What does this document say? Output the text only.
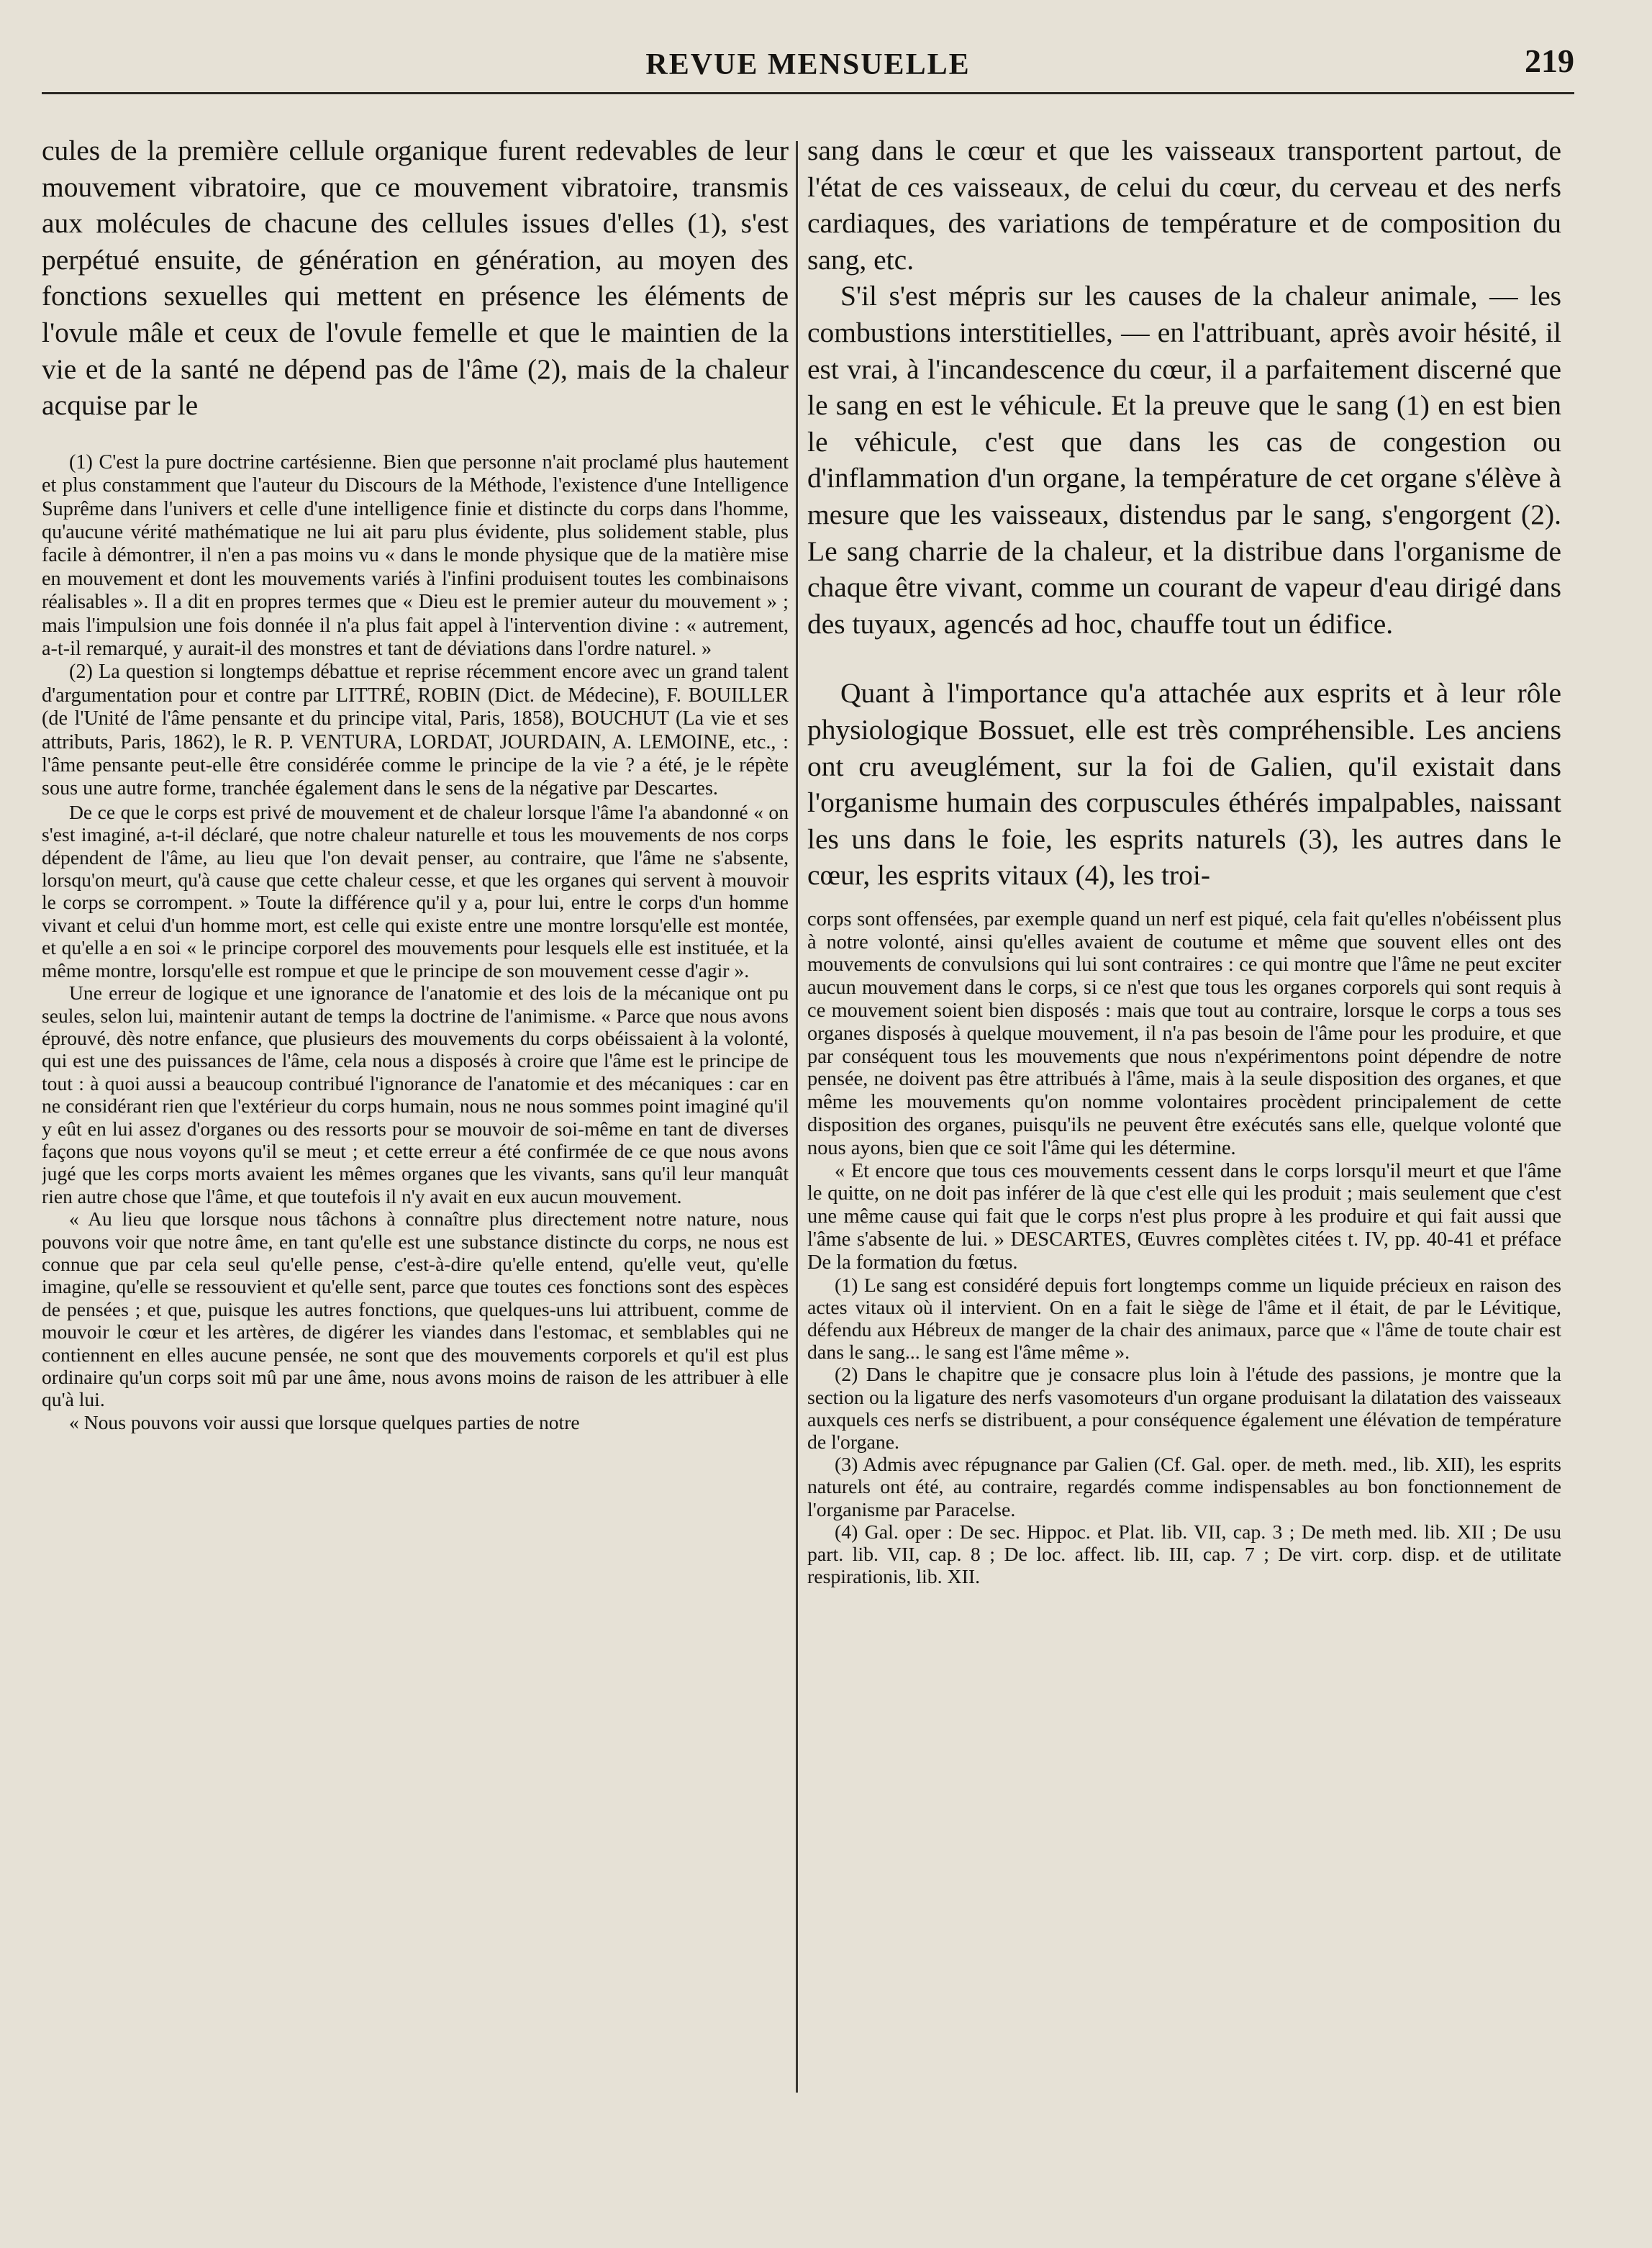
REVUE MENSUELLE	219

cules de la première cellule organique furent redevables de leur mouvement vibratoire, que ce mouvement vibratoire, transmis aux molécules de chacune des cellules issues d'elles (1), s'est perpétué ensuite, de génération en génération, au moyen des fonctions sexuelles qui mettent en présence les éléments de l'ovule mâle et ceux de l'ovule femelle et que le maintien de la vie et de la santé ne dépend pas de l'âme (2), mais de la chaleur acquise par le

(1) C'est la pure doctrine cartésienne. Bien que personne n'ait proclamé plus hautement et plus constamment que l'auteur du Discours de la Méthode, l'existence d'une Intelligence Suprême dans l'univers et celle d'une intelligence finie et distincte du corps dans l'homme, qu'aucune vérité mathématique ne lui ait paru plus évidente, plus solidement stable, plus facile à démontrer, il n'en a pas moins vu « dans le monde physique que de la matière mise en mouvement et dont les mouvements variés à l'infini produisent toutes les combinaisons réalisables ». Il a dit en propres termes que « Dieu est le premier auteur du mouvement » ; mais l'impulsion une fois donnée il n'a plus fait appel à l'intervention divine : « autrement, a-t-il remarqué, y aurait-il des monstres et tant de déviations dans l'ordre naturel. »

(2) La question si longtemps débattue et reprise récemment encore avec un grand talent d'argumentation pour et contre par LITTRÉ, ROBIN (Dict. de Médecine), F. BOUILLER (de l'Unité de l'âme pensante et du principe vital, Paris, 1858), BOUCHUT (La vie et ses attributs, Paris, 1862), le R. P. VENTURA, LORDAT, JOURDAIN, A. LEMOINE, etc., : l'âme pensante peut-elle être considérée comme le principe de la vie ? a été, je le répète sous une autre forme, tranchée également dans le sens de la négative par Descartes.

De ce que le corps est privé de mouvement et de chaleur lorsque l'âme l'a abandonné « on s'est imaginé, a-t-il déclaré, que notre chaleur naturelle et tous les mouvements de nos corps dépendent de l'âme, au lieu que l'on devait penser, au contraire, que l'âme ne s'absente, lorsqu'on meurt, qu'à cause que cette chaleur cesse, et que les organes qui servent à mouvoir le corps se corrompent. » Toute la différence qu'il y a, pour lui, entre le corps d'un homme vivant et celui d'un homme mort, est celle qui existe entre une montre lorsqu'elle est montée, et qu'elle a en soi « le principe corporel des mouvements pour lesquels elle est instituée, et la même montre, lorsqu'elle est rompue et que le principe de son mouvement cesse d'agir ».

Une erreur de logique et une ignorance de l'anatomie et des lois de la mécanique ont pu seules, selon lui, maintenir autant de temps la doctrine de l'animisme. « Parce que nous avons éprouvé, dès notre enfance, que plusieurs des mouvements du corps obéissaient à la volonté, qui est une des puissances de l'âme, cela nous a disposés à croire que l'âme est le principe de tout : à quoi aussi a beaucoup contribué l'ignorance de l'anatomie et des mécaniques : car en ne considérant rien que l'extérieur du corps humain, nous ne nous sommes point imaginé qu'il y eût en lui assez d'organes ou des ressorts pour se mouvoir de soi-même en tant de diverses façons que nous voyons qu'il se meut ; et cette erreur a été confirmée de ce que nous avons jugé que les corps morts avaient les mêmes organes que les vivants, sans qu'il leur manquât rien autre chose que l'âme, et que toutefois il n'y avait en eux aucun mouvement.

« Au lieu que lorsque nous tâchons à connaître plus directement notre nature, nous pouvons voir que notre âme, en tant qu'elle est une substance distincte du corps, ne nous est connue que par cela seul qu'elle pense, c'est-à-dire qu'elle entend, qu'elle veut, qu'elle imagine, qu'elle se ressouvient et qu'elle sent, parce que toutes ces fonctions sont des espèces de pensées ; et que, puisque les autres fonctions, que quelques-uns lui attribuent, comme de mouvoir le cœur et les artères, de digérer les viandes dans l'estomac, et semblables qui ne contiennent en elles aucune pensée, ne sont que des mouvements corporels et qu'il est plus ordinaire qu'un corps soit mû par une âme, nous avons moins de raison de les attribuer à elle qu'à lui.

« Nous pouvons voir aussi que lorsque quelques parties de notre

sang dans le cœur et que les vaisseaux transportent partout, de l'état de ces vaisseaux, de celui du cœur, du cerveau et des nerfs cardiaques, des variations de température et de composition du sang, etc.

S'il s'est mépris sur les causes de la chaleur animale, — les combustions interstitielles, — en l'attribuant, après avoir hésité, il est vrai, à l'incandescence du cœur, il a parfaitement discerné que le sang en est le véhicule. Et la preuve que le sang (1) en est bien le véhicule, c'est que dans les cas de congestion ou d'inflammation d'un organe, la température de cet organe s'élève à mesure que les vaisseaux, distendus par le sang, s'engorgent (2). Le sang charrie de la chaleur, et la distribue dans l'organisme de chaque être vivant, comme un courant de vapeur d'eau dirigé dans des tuyaux, agencés ad hoc, chauffe tout un édifice.

Quant à l'importance qu'a attachée aux esprits et à leur rôle physiologique Bossuet, elle est très compréhensible. Les anciens ont cru aveuglément, sur la foi de Galien, qu'il existait dans l'organisme humain des corpuscules éthérés impalpables, naissant les uns dans le foie, les esprits naturels (3), les autres dans le cœur, les esprits vitaux (4), les troi-

corps sont offensées, par exemple quand un nerf est piqué, cela fait qu'elles n'obéissent plus à notre volonté, ainsi qu'elles avaient de coutume et même que souvent elles ont des mouvements de convulsions qui lui sont contraires : ce qui montre que l'âme ne peut exciter aucun mouvement dans le corps, si ce n'est que tous les organes corporels qui sont requis à ce mouvement soient bien disposés : mais que tout au contraire, lorsque le corps a tous ses organes disposés à quelque mouvement, il n'a pas besoin de l'âme pour les produire, et que par conséquent tous les mouvements que nous n'expérimentons point dépendre de notre pensée, ne doivent pas être attribués à l'âme, mais à la seule disposition des organes, et que même les mouvements qu'on nomme volontaires procèdent principalement de cette disposition des organes, puisqu'ils ne peuvent être exécutés sans elle, quelque volonté que nous ayons, bien que ce soit l'âme qui les détermine.

« Et encore que tous ces mouvements cessent dans le corps lorsqu'il meurt et que l'âme le quitte, on ne doit pas inférer de là que c'est elle qui les produit ; mais seulement que c'est une même cause qui fait que le corps n'est plus propre à les produire et qui fait aussi que l'âme s'absente de lui. » DESCARTES, Œuvres complètes citées t. IV, pp. 40-41 et préface De la formation du fœtus.

(1) Le sang est considéré depuis fort longtemps comme un liquide précieux en raison des actes vitaux où il intervient. On en a fait le siège de l'âme et il était, de par le Lévitique, défendu aux Hébreux de manger de la chair des animaux, parce que « l'âme de toute chair est dans le sang... le sang est l'âme même ».

(2) Dans le chapitre que je consacre plus loin à l'étude des passions, je montre que la section ou la ligature des nerfs vasomoteurs d'un organe produisant la dilatation des vaisseaux auxquels ces nerfs se distribuent, a pour conséquence également une élévation de température de l'organe.

(3) Admis avec répugnance par Galien (Cf. Gal. oper. de meth. med., lib. XII), les esprits naturels ont été, au contraire, regardés comme indispensables au bon fonctionnement de l'organisme par Paracelse.

(4) Gal. oper : De sec. Hippoc. et Plat. lib. VII, cap. 3 ; De meth med. lib. XII ; De usu part. lib. VII, cap. 8 ; De loc. affect. lib. III, cap. 7 ; De virt. corp. disp. et de utilitate respirationis, lib. XII.
